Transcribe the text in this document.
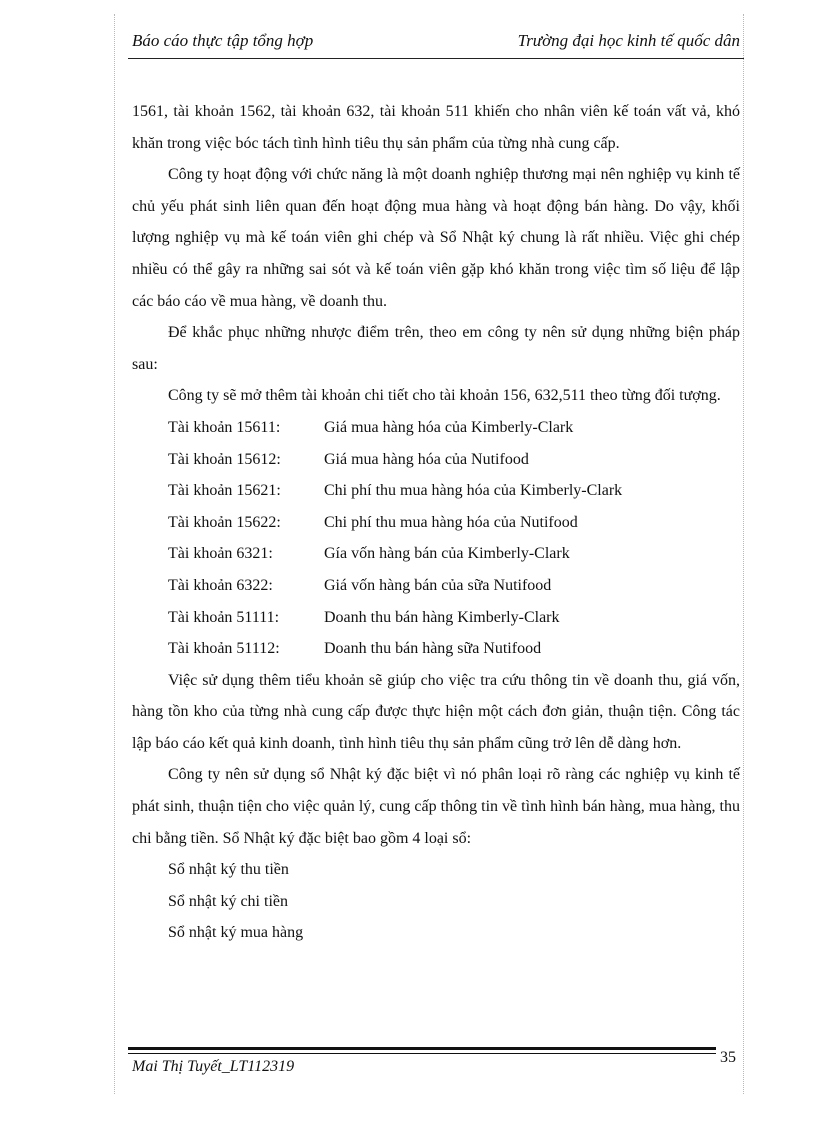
Báo cáo thực tập tổng hợp	Trường đại học kinh tế quốc dân

1561, tài khoản 1562, tài khoản 632, tài khoản 511 khiến cho nhân viên kế toán vất vả, khó khăn trong việc bóc tách tình hình tiêu thụ sản phẩm của từng nhà cung cấp.

Công ty hoạt động với chức năng là một doanh nghiệp thương mại nên nghiệp vụ kinh tế chủ yếu phát sinh liên quan đến hoạt động mua hàng và hoạt động bán hàng. Do vậy, khối lượng nghiệp vụ mà kế toán viên ghi chép và Sổ Nhật ký chung là rất nhiều. Việc ghi chép nhiều có thể gây ra những sai sót và kế toán viên gặp khó khăn trong việc tìm số liệu để lập các báo cáo về mua hàng, về doanh thu.

Để khắc phục những nhược điểm trên, theo em công ty nên sử dụng những biện pháp sau:

Công ty sẽ mở thêm tài khoản chi tiết cho tài khoản 156, 632,511 theo từng đối tượng.

Tài khoản 15611:	Giá mua hàng hóa của Kimberly-Clark
Tài khoản 15612:	Giá mua hàng hóa của Nutifood
Tài khoản 15621:	Chi phí thu mua hàng hóa của Kimberly-Clark
Tài khoản 15622:	Chi phí thu mua hàng hóa của Nutifood
Tài khoản 6321:	Gía vốn hàng bán của Kimberly-Clark
Tài khoản 6322:	Giá vốn hàng bán của sữa Nutifood
Tài khoản 51111:	Doanh thu bán hàng Kimberly-Clark
Tài khoản 51112:	Doanh thu bán hàng sữa Nutifood

Việc sử dụng thêm tiểu khoản sẽ giúp cho việc tra cứu thông tin về doanh thu, giá vốn, hàng tồn kho của từng nhà cung cấp được thực hiện một cách đơn giản, thuận tiện. Công tác lập báo cáo kết quả kinh doanh, tình hình tiêu thụ sản phẩm cũng trở lên dễ dàng hơn.

Công ty nên sử dụng sổ Nhật ký đặc biệt vì nó phân loại rõ ràng các nghiệp vụ kinh tế phát sinh, thuận tiện cho việc quản lý, cung cấp thông tin về tình hình bán hàng, mua hàng, thu chi bằng tiền. Sổ Nhật ký đặc biệt bao gồm 4 loại sổ:

Sổ nhật ký thu tiền
Sổ nhật ký chi tiền
Sổ nhật ký mua hàng
Mai Thị Tuyết_LT112319
35
